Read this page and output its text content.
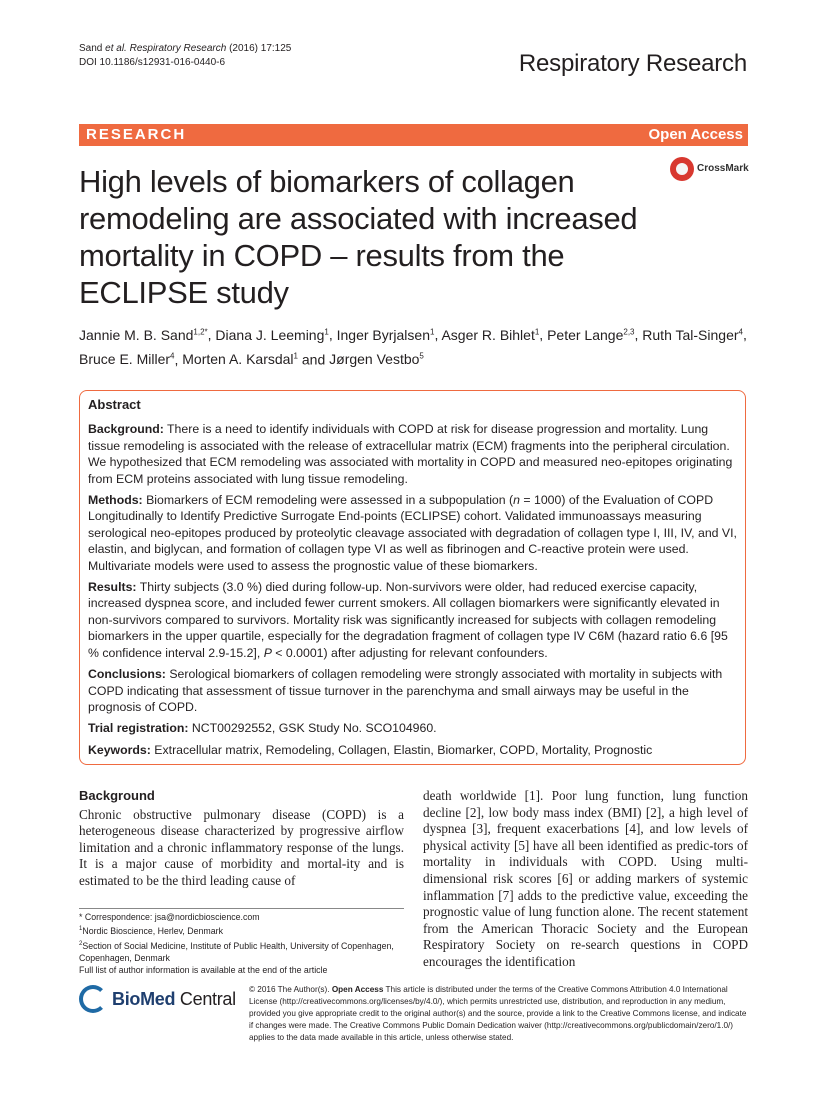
Sand et al. Respiratory Research (2016) 17:125
DOI 10.1186/s12931-016-0440-6	Respiratory Research
RESEARCH	Open Access
High levels of biomarkers of collagen remodeling are associated with increased mortality in COPD – results from the ECLIPSE study
CrossMark
Jannie M. B. Sand$^{1,2*}$, Diana J. Leeming$^1$, Inger Byrjalsen$^1$, Asger R. Bihlet$^1$, Peter Lange$^{2,3}$, Ruth Tal-Singer$^4$, Bruce E. Miller$^4$, Morten A. Karsdal$^1$ and Jørgen Vestbo$^5$

Abstract

Background: There is a need to identify individuals with COPD at risk for disease progression and mortality. Lung tissue remodeling is associated with the release of extracellular matrix (ECM) fragments into the peripheral circulation. We hypothesized that ECM remodeling was associated with mortality in COPD and measured neo-epitopes originating from ECM proteins associated with lung tissue remodeling.

Methods: Biomarkers of ECM remodeling were assessed in a subpopulation (n = 1000) of the Evaluation of COPD Longitudinally to Identify Predictive Surrogate End-points (ECLIPSE) cohort. Validated immunoassays measuring serological neo-epitopes produced by proteolytic cleavage associated with degradation of collagen type I, III, IV, and VI, elastin, and biglycan, and formation of collagen type VI as well as fibrinogen and C-reactive protein were used. Multivariate models were used to assess the prognostic value of these biomarkers.

Results: Thirty subjects (3.0 %) died during follow-up. Non-survivors were older, had reduced exercise capacity, increased dyspnea score, and included fewer current smokers. All collagen biomarkers were significantly elevated in non-survivors compared to survivors. Mortality risk was significantly increased for subjects with collagen remodeling biomarkers in the upper quartile, especially for the degradation fragment of collagen type IV C6M (hazard ratio 6.6 [95 % confidence interval 2.9-15.2], P < 0.0001) after adjusting for relevant confounders.

Conclusions: Serological biomarkers of collagen remodeling were strongly associated with mortality in subjects with COPD indicating that assessment of tissue turnover in the parenchyma and small airways may be useful in the prognosis of COPD.

Trial registration: NCT00292552, GSK Study No. SCO104960.

Keywords: Extracellular matrix, Remodeling, Collagen, Elastin, Biomarker, COPD, Mortality, Prognostic

Background
Chronic obstructive pulmonary disease (COPD) is a heterogeneous disease characterized by progressive airflow limitation and a chronic inflammatory response of the lungs. It is a major cause of morbidity and mortal-ity and is estimated to be the third leading cause of
death worldwide [1]. Poor lung function, lung function decline [2], low body mass index (BMI) [2], a high level of dyspnea [3], frequent exacerbations [4], and low levels of physical activity [5] have all been identified as predic-tors of mortality in individuals with COPD. Using multi-dimensional risk scores [6] or adding markers of systemic inflammation [7] adds to the predictive value, exceeding the prognostic value of lung function alone. The recent statement from the American Thoracic Society and the European Respiratory Society on re-search questions in COPD encourages the identification
* Correspondence: jsa@nordicbioscience.com
$^1$Nordic Bioscience, Herlev, Denmark
$^2$Section of Social Medicine, Institute of Public Health, University of Copenhagen, Copenhagen, Denmark
Full list of author information is available at the end of the article
BioMed Central © 2016 The Author(s). Open Access This article is distributed under the terms of the Creative Commons Attribution 4.0 International License (http://creativecommons.org/licenses/by/4.0/), which permits unrestricted use, distribution, and reproduction in any medium, provided you give appropriate credit to the original author(s) and the source, provide a link to the Creative Commons license, and indicate if changes were made. The Creative Commons Public Domain Dedication waiver (http://creativecommons.org/publicdomain/zero/1.0/) applies to the data made available in this article, unless otherwise stated.
